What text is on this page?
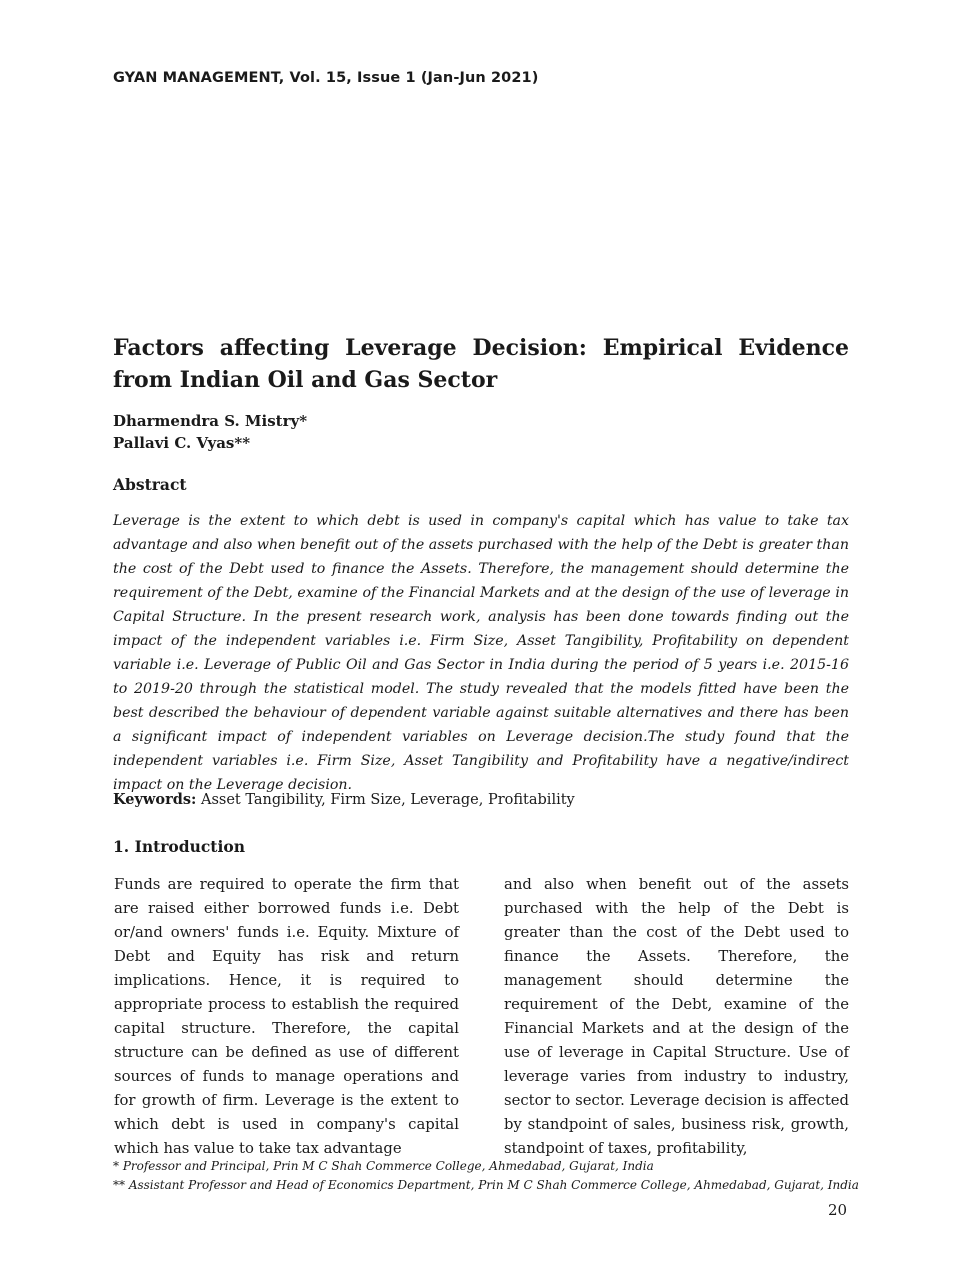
GYAN MANAGEMENT, Vol. 15, Issue 1 (Jan-Jun 2021)
Factors affecting Leverage Decision: Empirical Evidence from Indian Oil and Gas Sector
Dharmendra S. Mistry*
Pallavi C. Vyas**
Abstract

Leverage is the extent to which debt is used in company's capital which has value to take tax advantage and also when benefit out of the assets purchased with the help of the Debt is greater than the cost of the Debt used to finance the Assets. Therefore, the management should determine the requirement of the Debt, examine of the Financial Markets and at the design of the use of leverage in Capital Structure. In the present research work, analysis has been done towards finding out the impact of the independent variables i.e. Firm Size, Asset Tangibility, Profitability on dependent variable i.e. Leverage of Public Oil and Gas Sector in India during the period of 5 years i.e. 2015-16 to 2019-20 through the statistical model. The study revealed that the models fitted have been the best described the behaviour of dependent variable against suitable alternatives and there has been a significant impact of independent variables on Leverage decision.The study found that the independent variables i.e. Firm Size, Asset Tangibility and Profitability have a negative/indirect impact on the Leverage decision.

Keywords: Asset Tangibility, Firm Size, Leverage, Profitability

1. Introduction

Funds are required to operate the firm that are raised either borrowed funds i.e. Debt or/and owners' funds i.e. Equity. Mixture of Debt and Equity has risk and return implications. Hence, it is required to appropriate process to establish the required capital structure. Therefore, the capital structure can be defined as use of different sources of funds to manage operations and for growth of firm. Leverage is the extent to which debt is used in company's capital which has value to take tax advantage

and also when benefit out of the assets purchased with the help of the Debt is greater than the cost of the Debt used to finance the Assets. Therefore, the management should determine the requirement of the Debt, examine of the Financial Markets and at the design of the use of leverage in Capital Structure. Use of leverage varies from industry to industry, sector to sector. Leverage decision is affected by standpoint of sales, business risk, growth, standpoint of taxes, profitability,

* Professor and Principal, Prin M C Shah Commerce College, Ahmedabad, Gujarat, India
** Assistant Professor and Head of Economics Department, Prin M C Shah Commerce College, Ahmedabad, Gujarat, India
20
